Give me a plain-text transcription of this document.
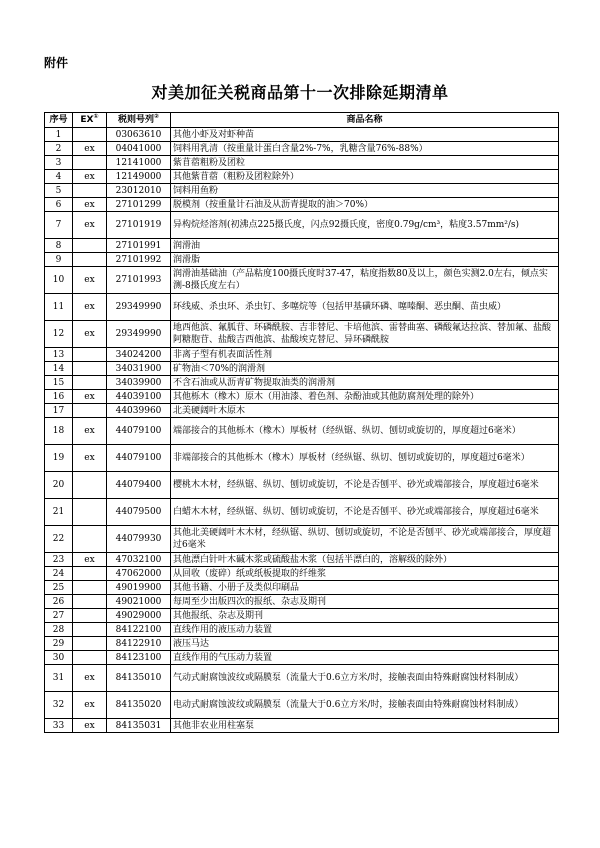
附件
对美加征关税商品第十一次排除延期清单
序号	EX①	税则号列②	商品名称
1		03063610	其他小虾及对虾种苗
2	ex	04041000	饲料用乳清（按重量计蛋白含量2%-7%，乳糖含量76%-88%）
3		12141000	紫苜蓿粗粉及团粒
4	ex	12149000	其他紫苜蓿（粗粉及团粒除外）
5		23012010	饲料用鱼粉
6	ex	27101299	脱模剂（按重量计石油及从沥青提取的油＞70%）
7	ex	27101919	异构烷烃溶剂(初沸点225摄氏度，闪点92摄氏度，密度0.79g/cm³，粘度3.57mm²/s)
8		27101991	润滑油
9		27101992	润滑脂
10	ex	27101993	润滑油基础油（产品粘度100摄氏度时37-47，粘度指数80及以上，颜色实测2.0左右，倾点实测-8摄氏度左右）
11	ex	29349990	环线威、杀虫环、杀虫钉、多噻烷等（包括甲基磺环磷、噻嗪酮、恶虫酮、苗虫威）
12	ex	29349990	地西他滨、氟胍苷、环磷酰胺、吉非替尼、卡培他滨、雷替曲塞、磷酸氟达拉滨、替加氟、盐酸阿糖胞苷、盐酸吉西他滨、盐酸埃克替尼、异环磷酰胺
13		34024200	非离子型有机表面活性剂
14		34031900	矿物油＜70%的润滑剂
15		34039900	不含石油或从沥青矿物提取油类的润滑剂
16	ex	44039100	其他栎木（橡木）原木（用油漆、着色剂、杂酚油或其他防腐剂处理的除外）
17		44039960	北美硬阔叶木原木
18	ex	44079100	端部接合的其他栎木（橡木）厚板材（经纵锯、纵切、刨切或旋切的，厚度超过6毫米）
19	ex	44079100	非端部接合的其他栎木（橡木）厚板材（经纵锯、纵切、刨切或旋切的，厚度超过6毫米）
20		44079400	樱桃木木材，经纵锯、纵切、刨切或旋切，不论是否刨平、砂光或端部接合，厚度超过6毫米
21		44079500	白蜡木木材，经纵锯、纵切、刨切或旋切，不论是否刨平、砂光或端部接合，厚度超过6毫米
22		44079930	其他北美硬阔叶木木材，经纵锯、纵切、刨切或旋切，不论是否刨平、砂光或端部接合，厚度超过6毫米
23	ex	47032100	其他漂白针叶木碱木浆或硫酸盐木浆（包括半漂白的，溶解级的除外）
24		47062000	从回收（废碎）纸或纸板提取的纤维浆
25		49019900	其他书籍、小册子及类似印刷品
26		49021000	每周至少出版四次的报纸、杂志及期刊
27		49029000	其他报纸、杂志及期刊
28		84122100	直线作用的液压动力装置
29		84122910	液压马达
30		84123100	直线作用的气压动力装置
31	ex	84135010	气动式耐腐蚀波纹或隔膜泵（流量大于0.6立方米/时，接触表面由特殊耐腐蚀材料制成）
32	ex	84135020	电动式耐腐蚀波纹或隔膜泵（流量大于0.6立方米/时，接触表面由特殊耐腐蚀材料制成）
33	ex	84135031	其他非农业用柱塞泵
